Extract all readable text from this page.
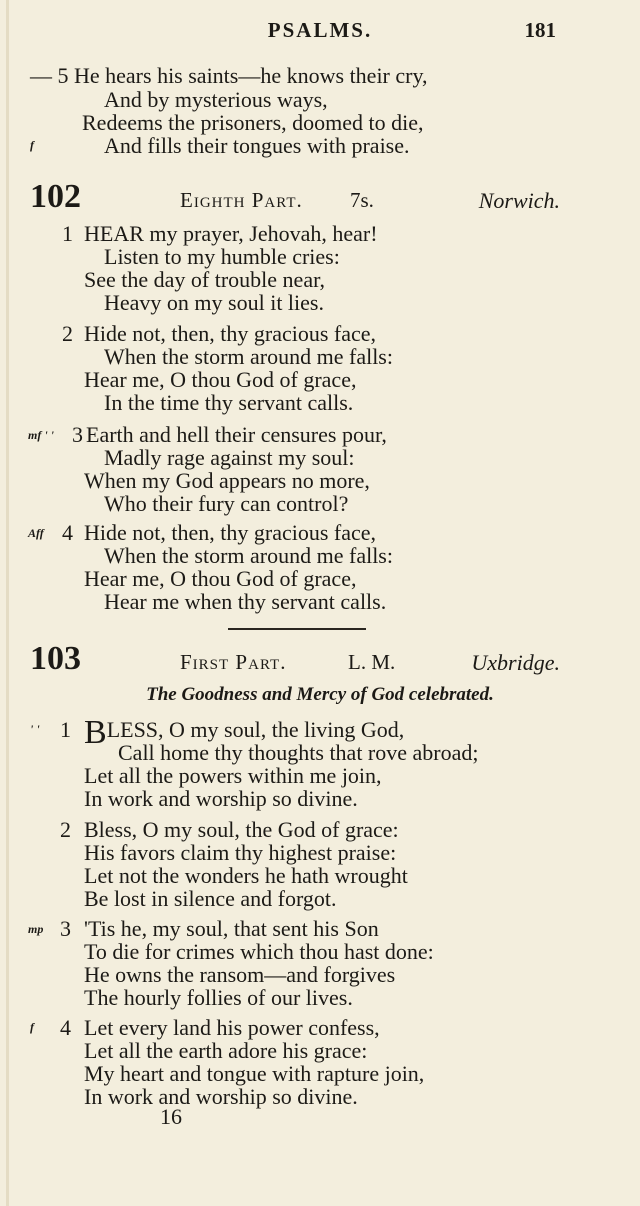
PSALMS.	181
— 5 He hears his saints—he knows their cry,
And by mysterious ways,
Redeems the prisoners, doomed to die,
f	And fills their tongues with praise.
102	Eighth Part. 7s.	Norwich.
1 HEAR my prayer, Jehovah, hear!
Listen to my humble cries:
See the day of trouble near,
Heavy on my soul it lies.
2 Hide not, then, thy gracious face,
When the storm around me falls:
Hear me, O thou God of grace,
In the time thy servant calls.
mf ' ' 3 Earth and hell their censures pour,
Madly rage against my soul:
When my God appears no more,
Who their fury can control?
Aff 4 Hide not, then, thy gracious face,
When the storm around me falls:
Hear me, O thou God of grace,
Hear me when thy servant calls.
103	First Part.	L. M.	Uxbridge.
The Goodness and Mercy of God celebrated.
' ' 1 BLESS, O my soul, the living God,
Call home thy thoughts that rove abroad;
Let all the powers within me join,
In work and worship so divine.
2 Bless, O my soul, the God of grace:
His favors claim thy highest praise:
Let not the wonders he hath wrought
Be lost in silence and forgot.
mp 3 'Tis he, my soul, that sent his Son
To die for crimes which thou hast done:
He owns the ransom—and forgives
The hourly follies of our lives.
f 4 Let every land his power confess,
Let all the earth adore his grace:
My heart and tongue with rapture join,
In work and worship so divine.
16
